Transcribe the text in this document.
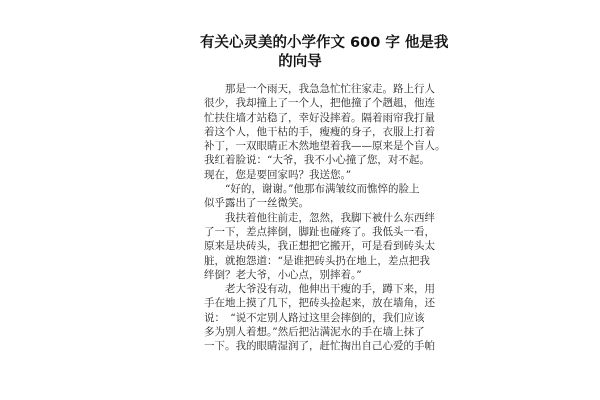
有关心灵美的小学作文 600 字 他是我
的向导
　　那是一个雨天，我急急忙忙往家走。路上行人
很少，我却撞上了一个人，把他撞了个趔趄，他连
忙扶住墙才站稳了，幸好没摔着。隔着雨帘我打量
着这个人，他干枯的手，瘦瘦的身子，衣服上打着
补丁，一双眼睛正木然地望着我——原来是个盲人。
我红着脸说：“大爷，我不小心撞了您，对不起。
现在，您是要回家吗？我送您。”
　　“好的，谢谢。”他那布满皱纹而憔悴的脸上
似乎露出了一丝微笑。
　　我扶着他往前走，忽然，我脚下被什么东西绊
了一下，差点摔倒，脚趾也碰疼了。我低头一看，
原来是块砖头，我正想把它搬开，可是看到砖头太
脏，就抱怨道：“是谁把砖头扔在地上，差点把我
绊倒？老大爷，小心点，别摔着。”
　　老大爷没有动，他伸出干瘦的手，蹲下来，用
手在地上摸了几下，把砖头捡起来，放在墙角，还
说：　“说不定别人路过这里会摔倒的，我们应该
多为别人着想。”然后把沾满泥水的手在墙上抹了
一下。我的眼睛湿润了，赶忙掏出自己心爱的手帕
